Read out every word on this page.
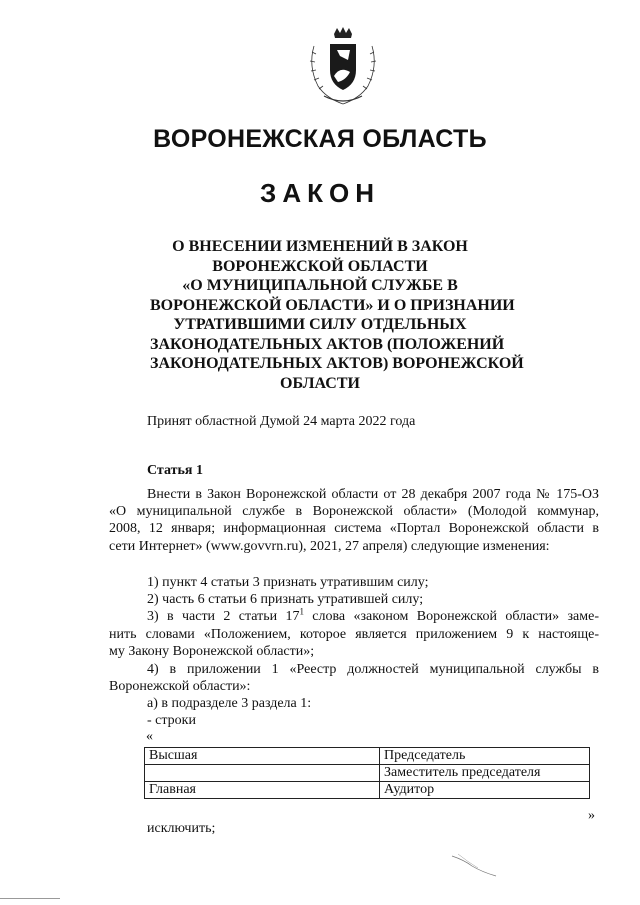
ВОРОНЕЖСКАЯ ОБЛАСТЬ
ЗАКОН
О ВНЕСЕНИИ ИЗМЕНЕНИЙ В ЗАКОН
ВОРОНЕЖСКОЙ ОБЛАСТИ
«О МУНИЦИПАЛЬНОЙ СЛУЖБЕ В
ВОРОНЕЖСКОЙ ОБЛАСТИ» И О ПРИЗНАНИИ
УТРАТИВШИМИ СИЛУ ОТДЕЛЬНЫХ
ЗАКОНОДАТЕЛЬНЫХ АКТОВ (ПОЛОЖЕНИЙ
ЗАКОНОДАТЕЛЬНЫХ АКТОВ) ВОРОНЕЖСКОЙ
ОБЛАСТИ
Принят областной Думой 24 марта 2022 года
Статья 1
Внести в Закон Воронежской области от 28 декабря 2007 года № 175-ОЗ
«О муниципальной службе в Воронежской области» (Молодой коммунар,
2008, 12 января; информационная система «Портал Воронежской области в
сети Интернет» (www.govvrn.ru), 2021, 27 апреля) следующие изменения:
1) пункт 4 статьи 3 признать утратившим силу;
2) часть 6 статьи 6 признать утратившей силу;
3) в части 2 статьи $17^1$ слова «законом Воронежской области» заме-
нить словами «Положением, которое является приложением 9 к настояще-
му Закону Воронежской области»;
4) в приложении 1 «Реестр должностей муниципальной службы в
Воронежской области»:
а) в подразделе 3 раздела 1:
- строки
«
Высшая	Председатель
	Заместитель председателя
Главная	Аудитор
»
исключить;
